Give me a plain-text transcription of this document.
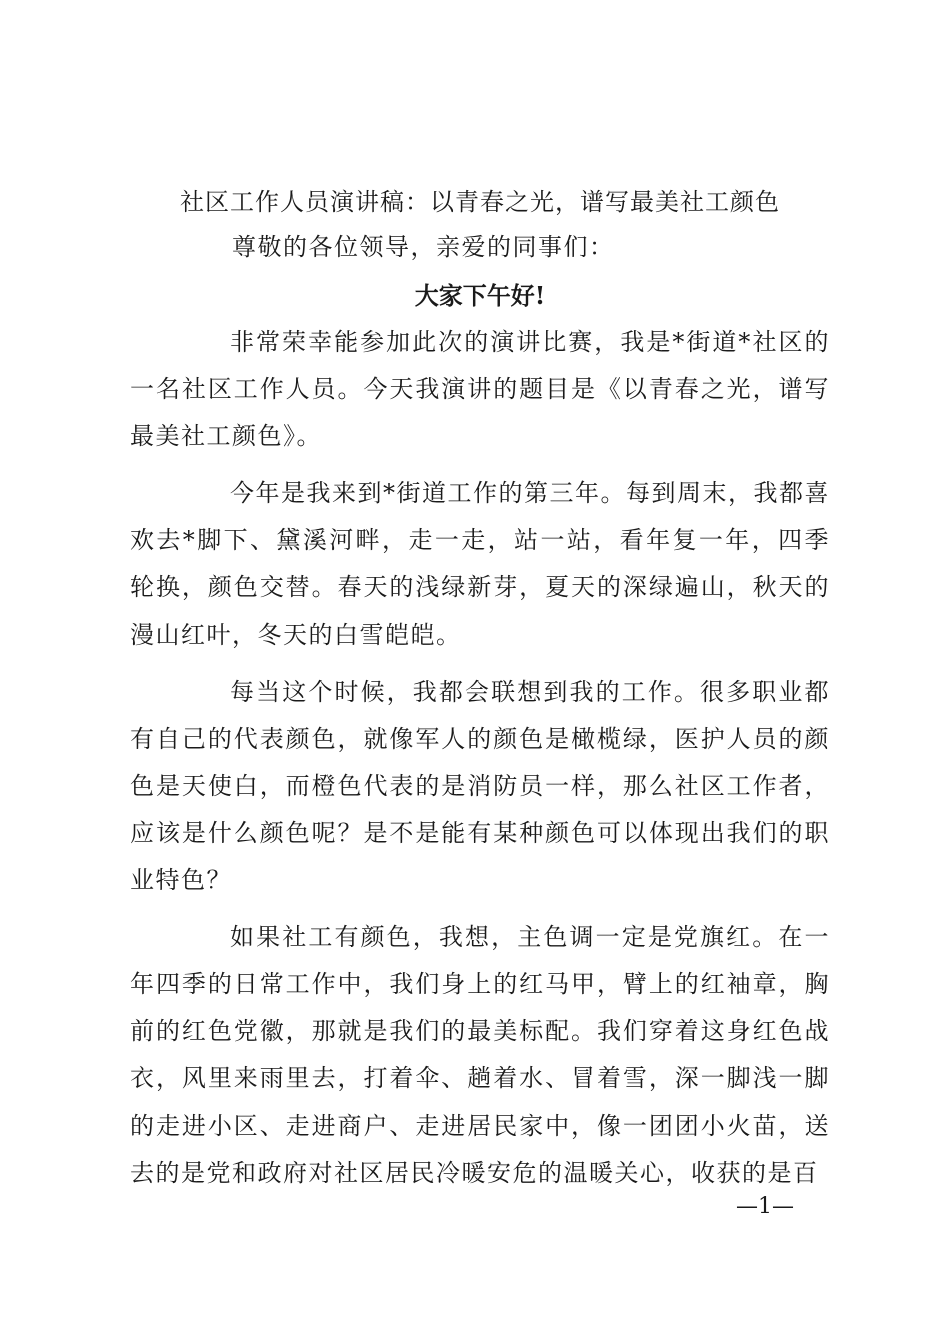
社区工作人员演讲稿：以青春之光，谱写最美社工颜色
尊敬的各位领导，亲爱的同事们：
大家下午好!

非常荣幸能参加此次的演讲比赛，我是*街道*社区的一名社区工作人员。今天我演讲的题目是《以青春之光，谱写最美社工颜色》。

今年是我来到*街道工作的第三年。每到周末，我都喜欢去*脚下、黛溪河畔，走一走，站一站，看年复一年，四季轮换，颜色交替。春天的浅绿新芽，夏天的深绿遍山，秋天的漫山红叶，冬天的白雪皑皑。

每当这个时候，我都会联想到我的工作。很多职业都有自己的代表颜色，就像军人的颜色是橄榄绿，医护人员的颜色是天使白，而橙色代表的是消防员一样，那么社区工作者，应该是什么颜色呢？是不是能有某种颜色可以体现出我们的职业特色？

如果社工有颜色，我想，主色调一定是党旗红。在一年四季的日常工作中，我们身上的红马甲，臂上的红袖章，胸前的红色党徽，那就是我们的最美标配。我们穿着这身红色战衣，风里来雨里去，打着伞、趟着水、冒着雪，深一脚浅一脚的走进小区、走进商户、走进居民家中，像一团团小火苗，送去的是党和政府对社区居民冷暖安危的温暖关心，收获的是百

—1—
